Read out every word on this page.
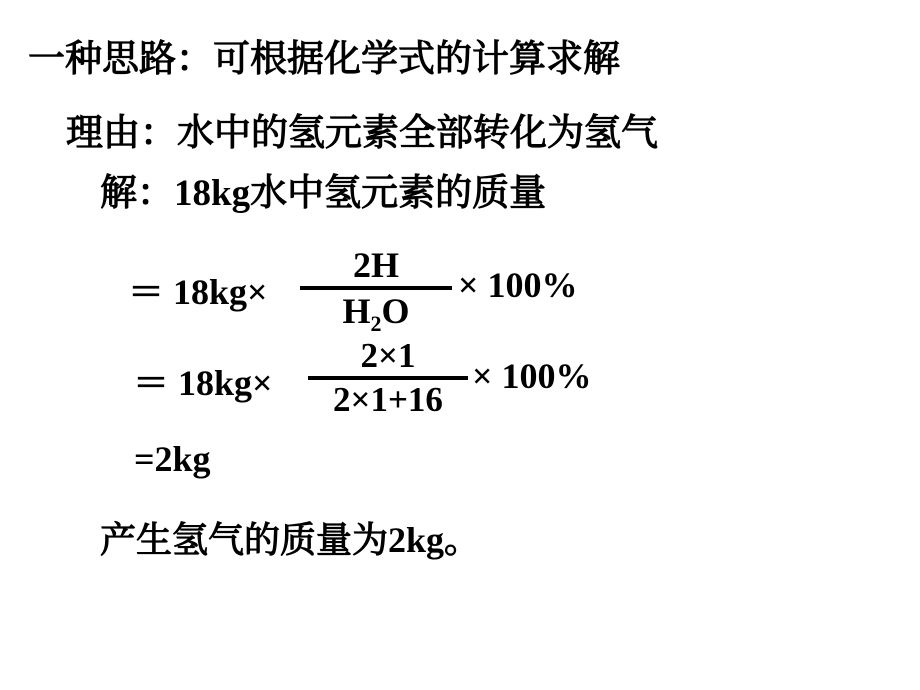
一种思路：可根据化学式的计算求解
理由：水中的氢元素全部转化为氢气
解：18kg水中氢元素的质量
＝ 18kg×
2H
$H_2O$
× 100%
＝ 18kg×
2×1
2×1+16
× 100%
=2kg
产生氢气的质量为2kg。
